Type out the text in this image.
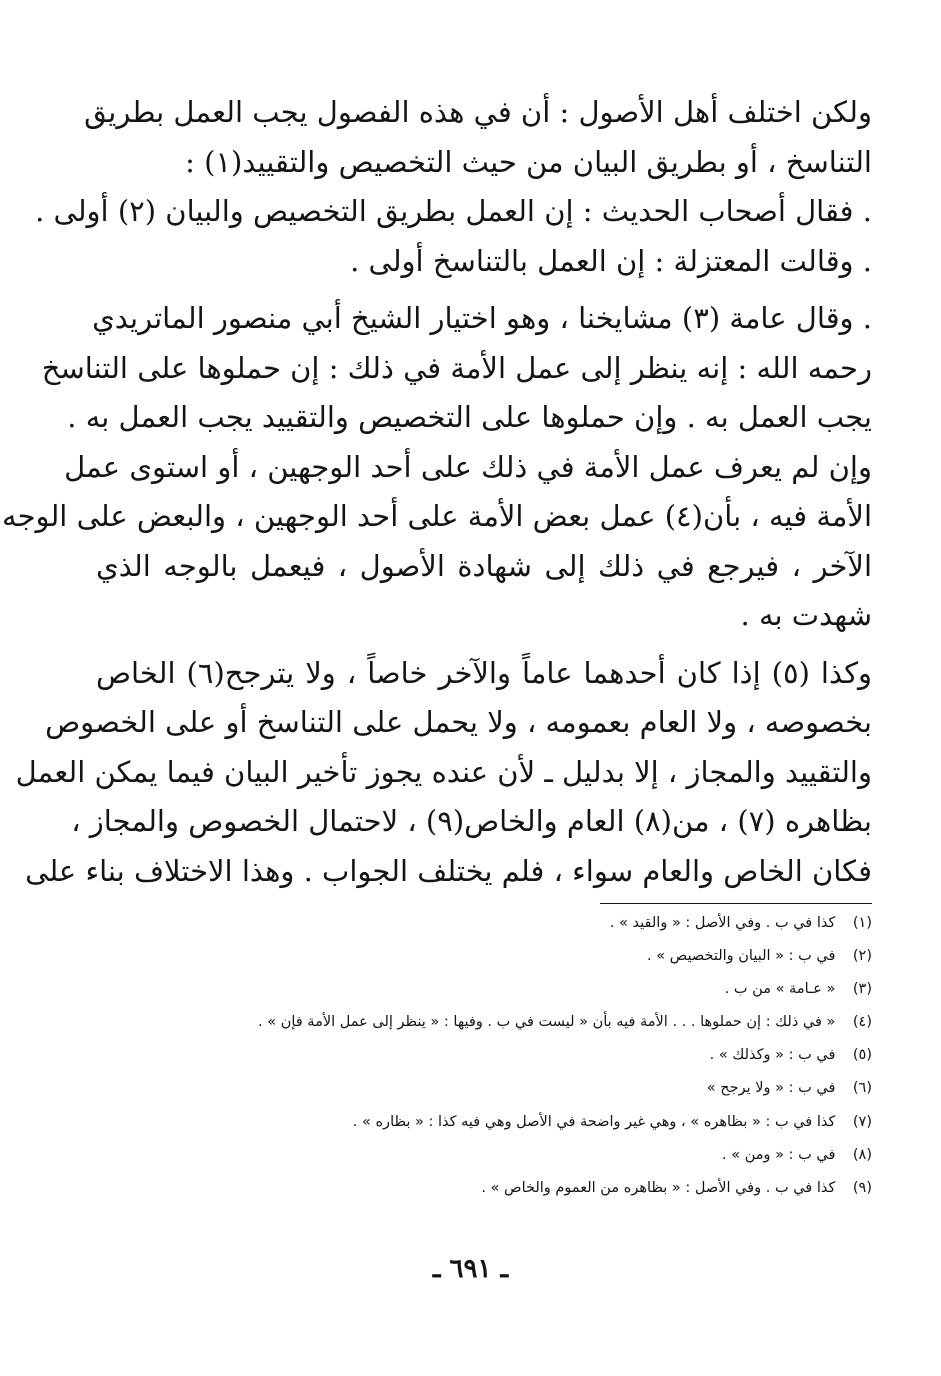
ولكن اختلف أهل الأصول : أن في هذه الفصول يجب العمل بطريق
التناسخ ، أو بطريق البيان من حيث التخصيص والتقييد(١) :
. فقال أصحاب الحديث : إن العمل بطريق التخصيص والبيان (٢) أولى .
. وقالت المعتزلة : إن العمل بالتناسخ أولى .
. وقال عامة (٣) مشايخنا ، وهو اختيار الشيخ أبي منصور الماتريدي
رحمه الله : إنه ينظر إلى عمل الأمة في ذلك : إن حملوها على التناسخ
يجب العمل به . وإن حملوها على التخصيص والتقييد يجب العمل به .
وإن لم يعرف عمل الأمة في ذلك على أحد الوجهين ، أو استوى عمل
الأمة فيه ، بأن(٤) عمل بعض الأمة على أحد الوجهين ، والبعض على الوجه
الآخر ، فيرجع في ذلك إلى شهادة الأصول ، فيعمل بالوجه الذي
شهدت به .
وكذا (٥) إذا كان أحدهما عاماً والآخر خاصاً ، ولا يترجح(٦) الخاص
بخصوصه ، ولا العام بعمومه ، ولا يحمل على التناسخ أو على الخصوص
والتقييد والمجاز ، إلا بدليل ـ لأن عنده يجوز تأخير البيان فيما يمكن العمل
بظاهره (٧) ، من(٨) العام والخاص(٩) ، لاحتمال الخصوص والمجاز ،
فكان الخاص والعام سواء ، فلم يختلف الجواب . وهذا الاختلاف بناء على
(١) كذا في ب . وفي الأصل : « والقيد » .
(٢) في ب : « البيان والتخصيص » .
(٣) « عـامة » من ب .
(٤) « في ذلك : إن حملوها . . . الأمة فيه بأن « ليست في ب . وفيها : « ينظر إلى عمل الأمة فإن » .
(٥) في ب : « وكذلك » .
(٦) في ب : « ولا يرجح »
(٧) كذا في ب : « بظاهره » ، وهي غير واضحة في الأصل وهي فيه كذا : « بظاره » .
(٨) في ب : « ومن » .
(٩) كذا في ب . وفي الأصل : « بظاهره من العموم والخاص » .
ـ ٦٩١ ـ
